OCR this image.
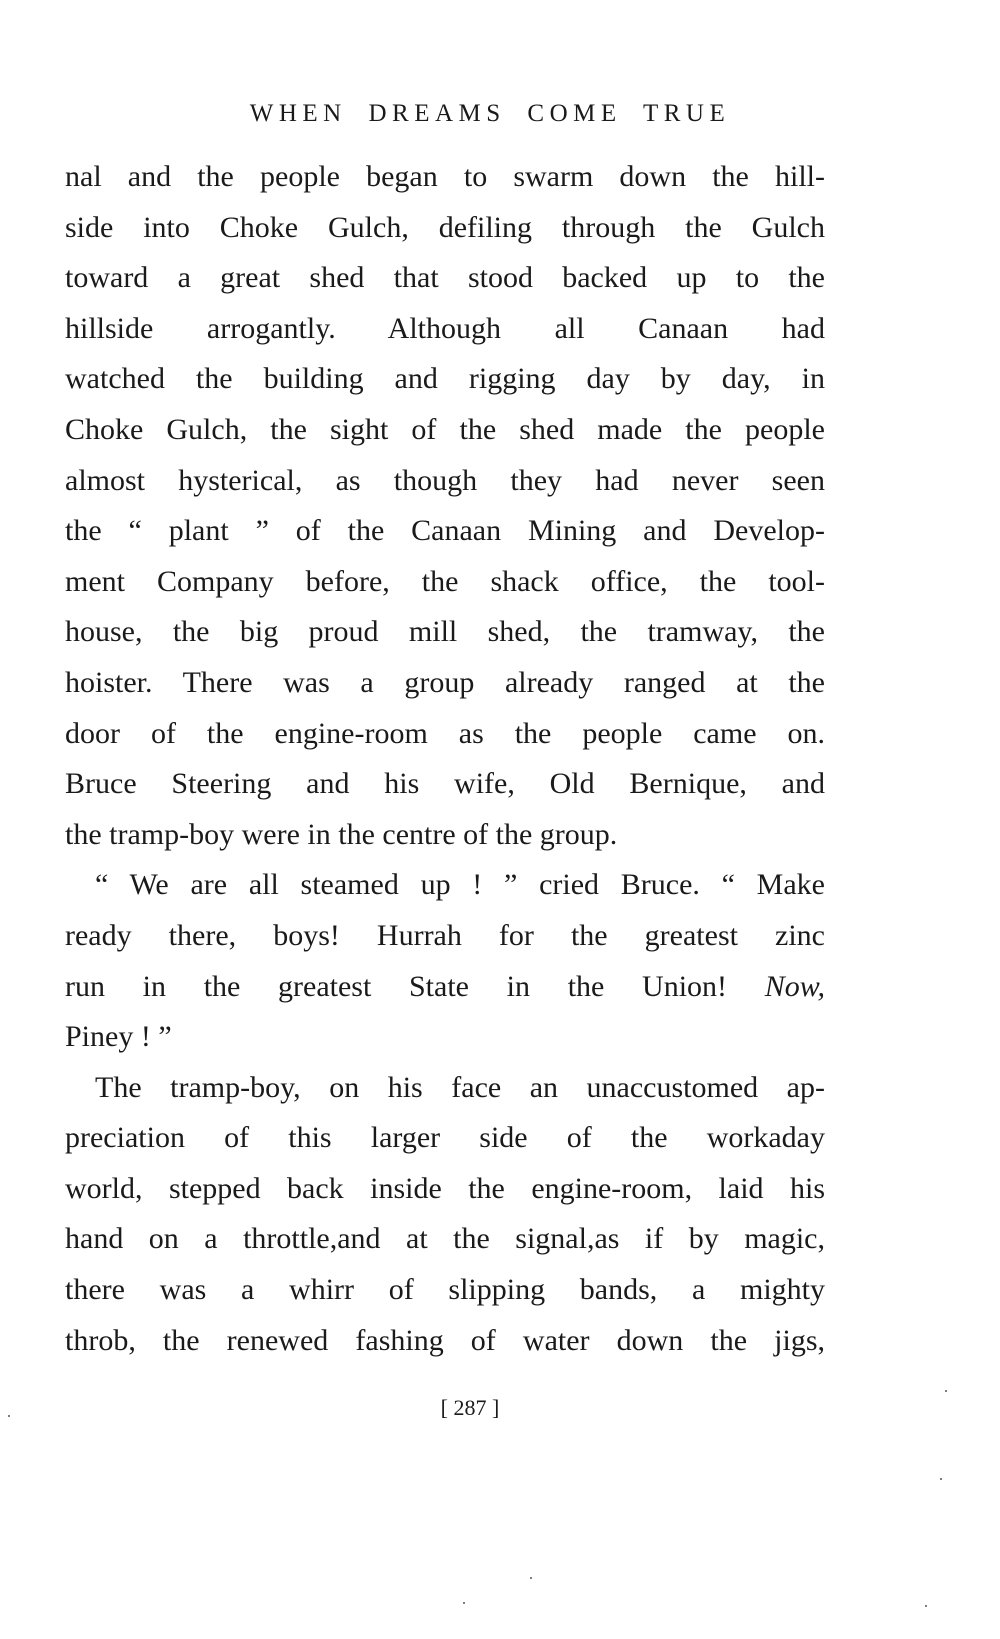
WHEN DREAMS COME TRUE
nal and the people began to swarm down the hill-
side into Choke Gulch, defiling through the Gulch
toward a great shed that stood backed up to the
hillside arrogantly. Although all Canaan had
watched the building and rigging day by day, in
Choke Gulch, the sight of the shed made the people
almost hysterical, as though they had never seen
the “ plant ” of the Canaan Mining and Develop-
ment Company before, the shack office, the tool-
house, the big proud mill shed, the tramway, the
hoister. There was a group already ranged at the
door of the engine-room as the people came on.
Bruce Steering and his wife, Old Bernique, and
the tramp-boy were in the centre of the group.
“ We are all steamed up ! ” cried Bruce. “ Make
ready there, boys! Hurrah for the greatest zinc
run in the greatest State in the Union! Now,
Piney ! ”
The tramp-boy, on his face an unaccustomed ap-
preciation of this larger side of the workaday
world, stepped back inside the engine-room, laid his
hand on a throttle,and at the signal,as if by magic,
there was a whirr of slipping bands, a mighty
throb, the renewed fashing of water down the jigs,
[ 287 ]
